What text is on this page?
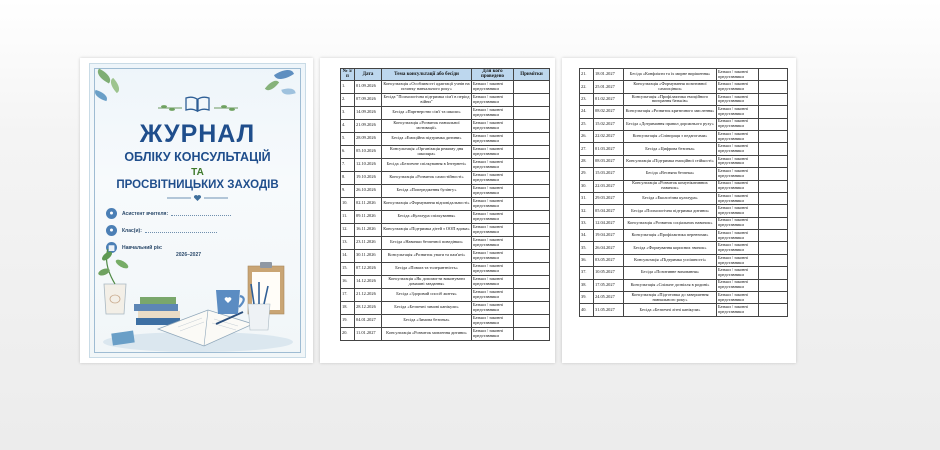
ЖУРНАЛ
ОБЛІКУ КОНСУЛЬТАЦІЙ
ТА
ПРОСВІТНИЦЬКИХ ЗАХОДІВ
●	Асистент вчителя:
●	Клас(и):
▦	Навчальний рік:
2026–2027
№ з/п	Дата	Тема консультації або бесіди	Для кого проведено	Примітки
1.	01.09.2026	Консультація «Особливості адаптації учнів на початку навчального року»	Батьки / законні представники	
2.	07.09.2026	Бесіда "Психологічна підтримка сім'ї в період війни"	Батьки / законні представники	
3.	14.09.2026	Бесіда «Партнерство сім'ї та школи»	Батьки / законні представники	
4.	21.09.2026	Консультація «Розвиток навчальної мотивації»	Батьки / законні представники	
5.	28.09.2026	Бесіда «Емоційна підтримка дитини»	Батьки / законні представники	
6.	05.10.2026	Консультація «Організація режиму дня школяра»	Батьки / законні представники	
7.	12.10.2026	Бесіда «Безпечне спілкування в Інтернеті»	Батьки / законні представники	
8.	19.10.2026	Консультація «Розвиток самостійності»	Батьки / законні представники	
9.	26.10.2026	Бесіда «Попередження булінгу»	Батьки / законні представники	
10.	02.11.2026	Консультація «Формування відповідальності»	Батьки / законні представники	
11.	09.11.2026	Бесіда «Культура спілкування»	Батьки / законні представники	
12.	16.11.2026	Консультація «Підтримка дітей з ООП вдома»	Батьки / законні представники	
13.	23.11.2026	Бесіда «Навички безпечної поведінки»	Батьки / законні представники	
14.	30.11.2026	Консультація «Розвиток уваги та пам'яті»	Батьки / законні представники	
15.	07.12.2026	Бесіда «Повага та толерантність»	Батьки / законні представники	
16.	14.12.2026	Консультація «Як допомогти виконувати домашні завдання»	Батьки / законні представники	
17.	21.12.2026	Бесіда «Здоровий спосіб життя»	Батьки / законні представники	
18.	28.12.2026	Бесіда «Безпечні зимові канікули»	Батьки / законні представники	
19.	04.01.2027	Бесіда «Зимова безпека»	Батьки / законні представники	
20.	11.01.2027	Консультація «Розвиток мовлення дитини»	Батьки / законні представники	
21.	18.01.2027	Бесіда «Конфлікти та їх мирне вирішення»	Батьки / законні представники	
22.	25.01.2027	Консультація «Формування позитивної самооцінки»	Батьки / законні представники	
23.	01.02.2027	Консультація «Профілактика емоційного вигорання батьків»	Батьки / законні представники	
24.	08.02.2027	Консультація «Розвиток критичного мислення»	Батьки / законні представники	
25.	15.02.2027	Бесіда «Дотримання правил дорожнього руху»	Батьки / законні представники	
26.	22.02.2027	Консультація «Співпраця з педагогами»	Батьки / законні представники	
27.	01.03.2027	Бесіда «Цифрова безпека»	Батьки / законні представники	
28.	08.03.2027	Консультація «Підтримка емоційної стійкості»	Батьки / законні представники	
29.	15.03.2027	Бесіда «Весняна безпека»	Батьки / законні представники	
30.	22.03.2027	Консультація «Розвиток комунікативних навичок»	Батьки / законні представники	
31.	29.03.2027	Бесіда «Екологічна культура»	Батьки / законні представники	
32.	05.04.2027	Бесіда «Психологічна підтримка дитини»	Батьки / законні представники	
33.	12.04.2027	Консультація «Розвиток соціальних навичок»	Батьки / законні представники	
34.	19.04.2027	Консультація «Профілактика перевтоми»	Батьки / законні представники	
35.	26.04.2027	Бесіда «Формування корисних звичок»	Батьки / законні представники	
36.	03.05.2027	Консультація «Підтримка успішності»	Батьки / законні представники	
37.	10.05.2027	Бесіда «Позитивне виховання»	Батьки / законні представники	
38.	17.05.2027	Консультація «Спільне дозвілля в родині»	Батьки / законні представники	
39.	24.05.2027	Консультація «Підготовка до завершення навчального року»	Батьки / законні представники	
40.	31.05.2027	Бесіда «Безпечні літні канікули»	Батьки / законні представники	
